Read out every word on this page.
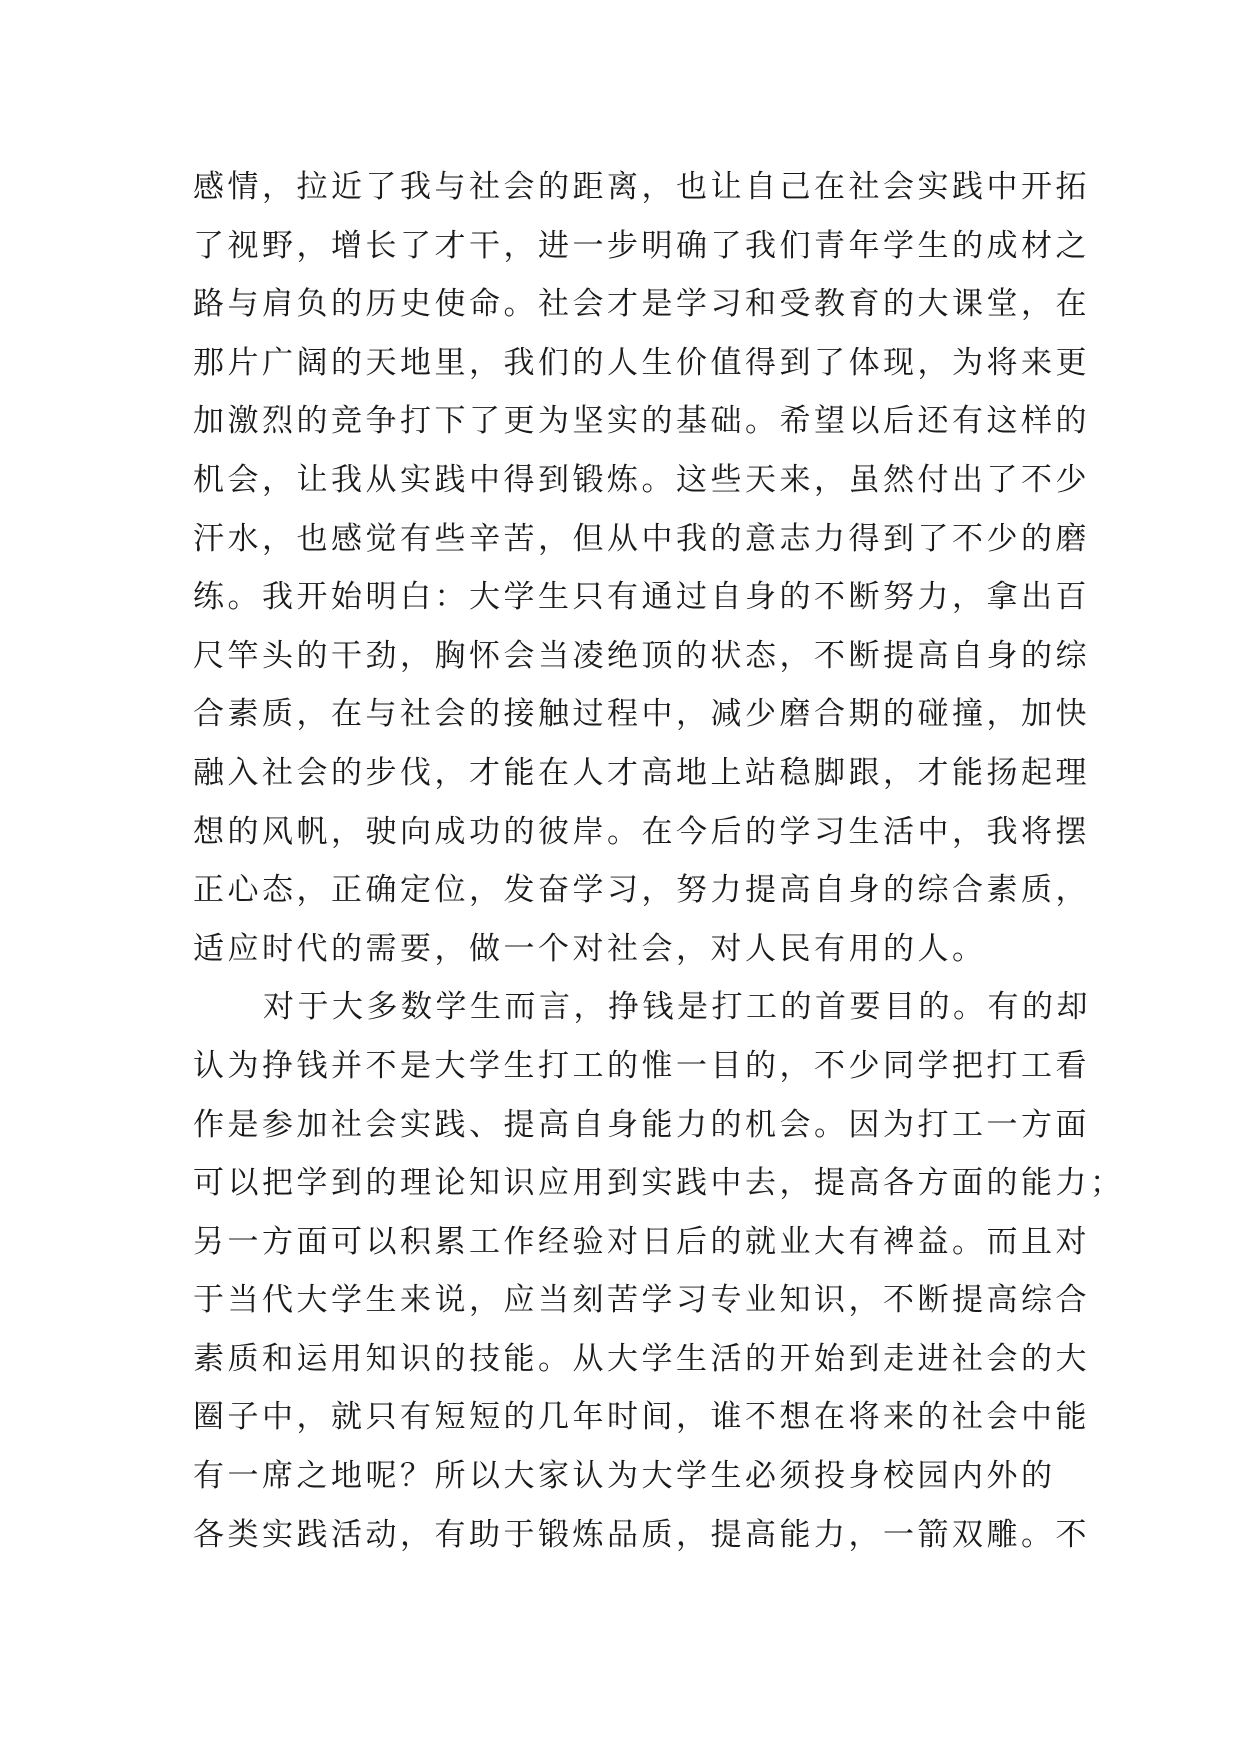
感情，拉近了我与社会的距离，也让自己在社会实践中开拓
了视野，增长了才干，进一步明确了我们青年学生的成材之
路与肩负的历史使命。社会才是学习和受教育的大课堂，在
那片广阔的天地里，我们的人生价值得到了体现，为将来更
加激烈的竞争打下了更为坚实的基础。希望以后还有这样的
机会，让我从实践中得到锻炼。这些天来，虽然付出了不少
汗水，也感觉有些辛苦，但从中我的意志力得到了不少的磨
练。我开始明白：大学生只有通过自身的不断努力，拿出百
尺竿头的干劲，胸怀会当凌绝顶的状态，不断提高自身的综
合素质，在与社会的接触过程中，减少磨合期的碰撞，加快
融入社会的步伐，才能在人才高地上站稳脚跟，才能扬起理
想的风帆，驶向成功的彼岸。在今后的学习生活中，我将摆
正心态，正确定位，发奋学习，努力提高自身的综合素质，
适应时代的需要，做一个对社会，对人民有用的人。
对于大多数学生而言，挣钱是打工的首要目的。有的却
认为挣钱并不是大学生打工的惟一目的，不少同学把打工看
作是参加社会实践、提高自身能力的机会。因为打工一方面
可以把学到的理论知识应用到实践中去，提高各方面的能力；
另一方面可以积累工作经验对日后的就业大有裨益。而且对
于当代大学生来说，应当刻苦学习专业知识，不断提高综合
素质和运用知识的技能。从大学生活的开始到走进社会的大
圈子中，就只有短短的几年时间，谁不想在将来的社会中能
有一席之地呢？所以大家认为大学生必须投身校园内外的
各类实践活动，有助于锻炼品质，提高能力，一箭双雕。不
